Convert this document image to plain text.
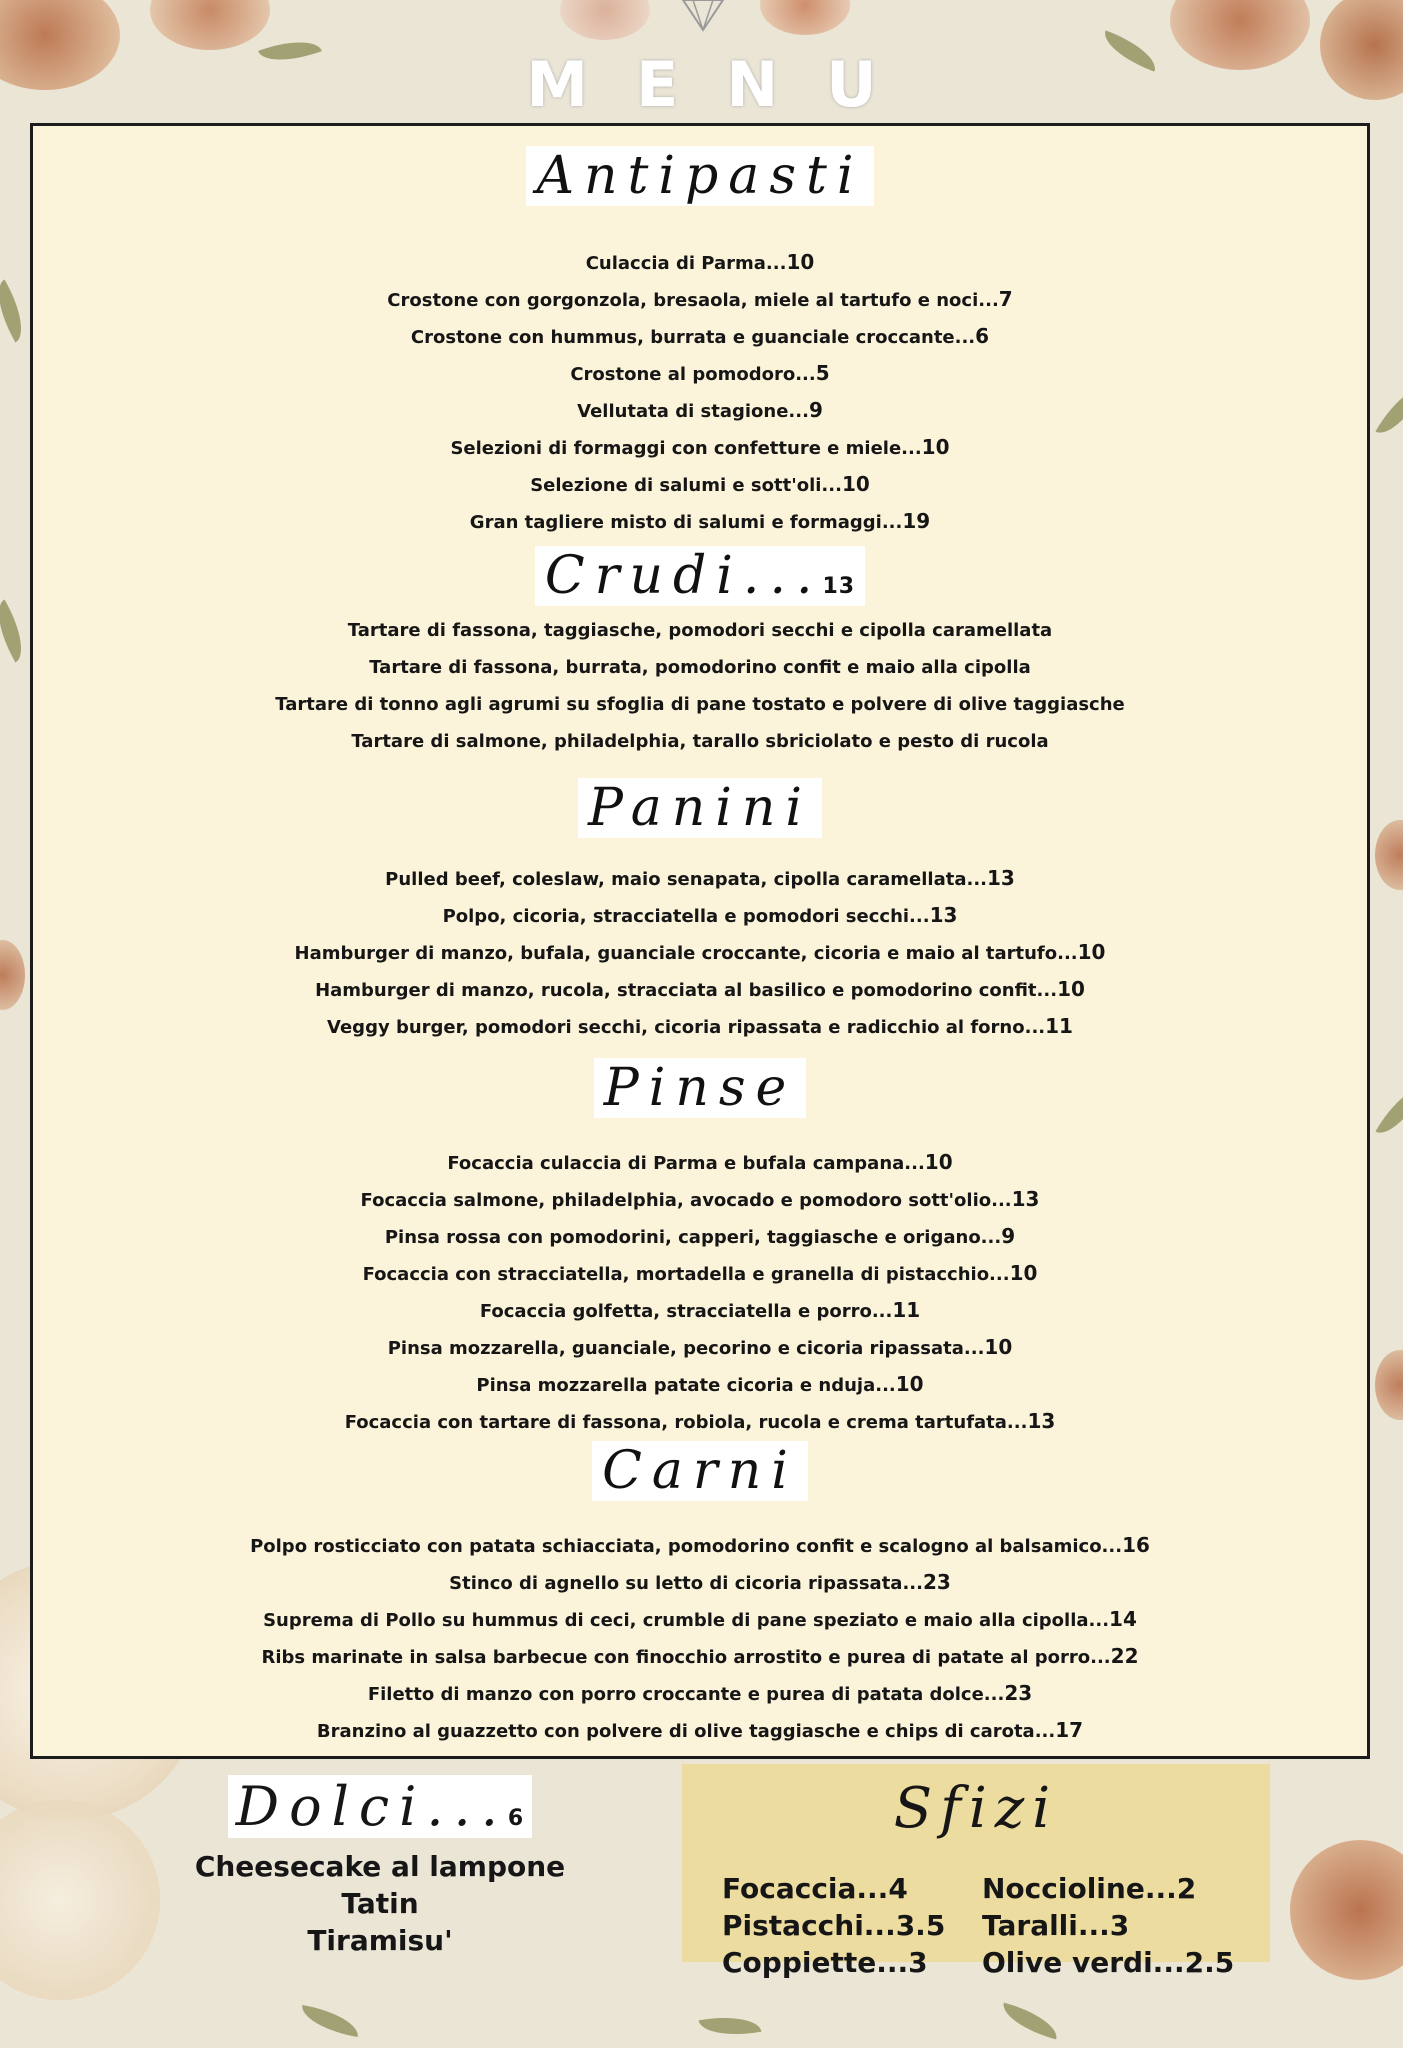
MENU
Antipasti
Culaccia di Parma...10
Crostone con gorgonzola, bresaola, miele al tartufo e noci...7
Crostone con hummus, burrata e guanciale croccante...6
Crostone al pomodoro...5
Vellutata di stagione...9
Selezioni di formaggi con confetture e miele...10
Selezione di salumi e sott'oli...10
Gran tagliere misto di salumi e formaggi...19
Crudi...13
Tartare di fassona, taggiasche, pomodori secchi e cipolla caramellata
Tartare di fassona, burrata, pomodorino confit e maio alla cipolla
Tartare di tonno agli agrumi su sfoglia di pane tostato e polvere di olive taggiasche
Tartare di salmone, philadelphia, tarallo sbriciolato e pesto di rucola
Panini
Pulled beef, coleslaw, maio senapata, cipolla caramellata...13
Polpo, cicoria, stracciatella e pomodori secchi...13
Hamburger di manzo, bufala, guanciale croccante, cicoria e maio al tartufo...10
Hamburger di manzo, rucola, stracciata al basilico e pomodorino confit...10
Veggy burger, pomodori secchi, cicoria ripassata e radicchio al forno...11
Pinse
Focaccia culaccia di Parma e bufala campana...10
Focaccia salmone, philadelphia, avocado e pomodoro sott'olio...13
Pinsa rossa con pomodorini, capperi, taggiasche e origano...9
Focaccia con stracciatella, mortadella e granella di pistacchio...10
Focaccia golfetta, stracciatella e porro...11
Pinsa mozzarella, guanciale, pecorino e cicoria ripassata...10
Pinsa mozzarella patate cicoria e nduja...10
Focaccia con tartare di fassona, robiola, rucola e crema tartufata...13
Carni
Polpo rosticciato con patata schiacciata, pomodorino confit e scalogno al balsamico...16
Stinco di agnello su letto di cicoria ripassata...23
Suprema di Pollo su hummus di ceci, crumble di pane speziato e maio alla cipolla...14
Ribs marinate in salsa barbecue con finocchio arrostito e purea di patate al porro...22
Filetto di manzo con porro croccante e purea di patata dolce...23
Branzino al guazzetto con polvere di olive taggiasche e chips di carota...17
Dolci...6
Cheesecake al lampone
Tatin
Tiramisu'
Sfizi
Focaccia...4
Pistacchi...3.5
Coppiette...3
Noccioline...2
Taralli...3
Olive verdi...2.5
